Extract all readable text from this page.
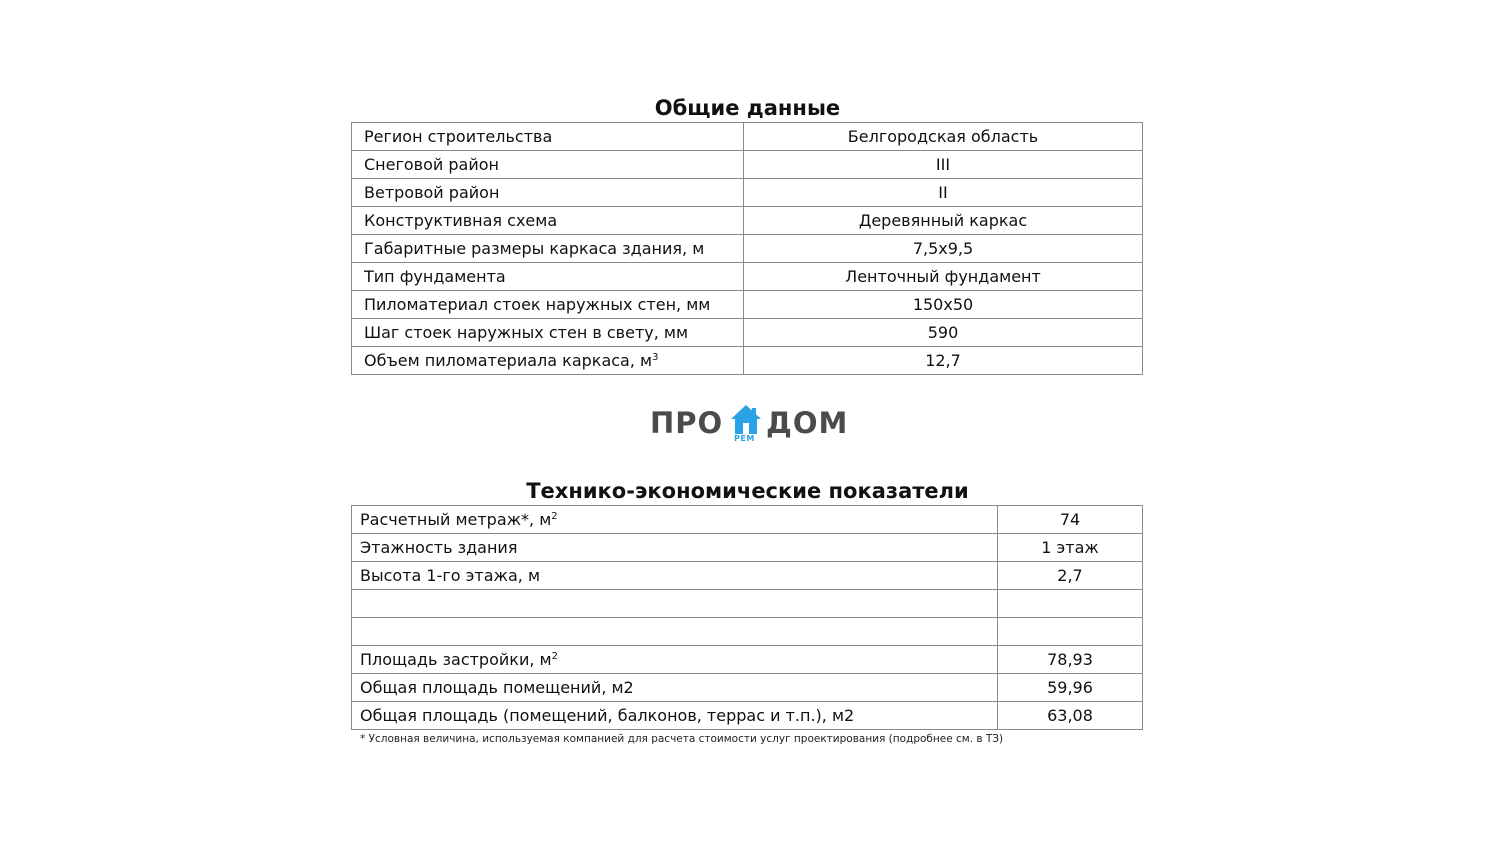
Общие данные
Регион строительства	Белгородская область
Снеговой район	III
Ветровой район	II
Конструктивная схема	Деревянный каркас
Габаритные размеры каркаса здания, м	7,5х9,5
Тип фундамента	Ленточный фундамент
Пиломатериал стоек наружных стен, мм	150х50
Шаг стоек наружных стен в свету, мм	590
Объем пиломатериала каркаса, $м^3$	12,7
ПРО РЕМ ДОМ
Технико-экономические показатели
Расчетный метраж*, $м^2$	74
Этажность здания	1 этаж
Высота 1-го этажа, м	2,7

Площадь застройки, $м^2$	78,93
Общая площадь помещений, м2	59,96
Общая площадь (помещений, балконов, террас и т.п.), м2	63,08
* Условная величина, используемая компанией для расчета стоимости услуг проектирования (подробнее см. в ТЗ)
